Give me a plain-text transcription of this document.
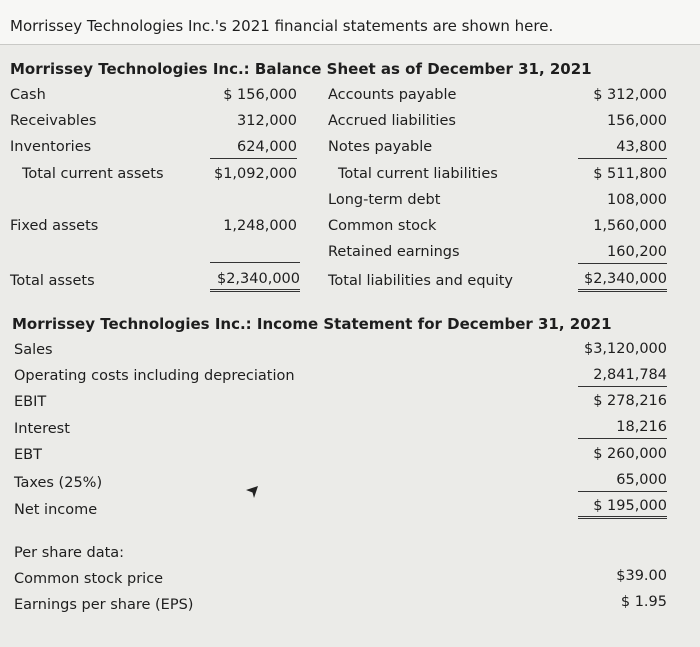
Morrissey Technologies Inc.'s 2021 financial statements are shown here.
Morrissey Technologies Inc.: Balance Sheet as of December 31, 2021
Cash	$ 156,000
Receivables	312,000
Inventories	624,000
Total current assets	$1,092,000
Fixed assets	1,248,000
Total assets	$2,340,000
Accounts payable	$ 312,000
Accrued liabilities	156,000
Notes payable	43,800
Total current liabilities	$ 511,800
Long-term debt	108,000
Common stock	1,560,000
Retained earnings	160,200
Total liabilities and equity	$2,340,000
Morrissey Technologies Inc.: Income Statement for December 31, 2021
Sales	$3,120,000
Operating costs including depreciation	2,841,784
EBIT	$ 278,216
Interest	18,216
EBT	$ 260,000
Taxes (25%)	65,000
Net income	$ 195,000
Per share data:
Common stock price	$39.00
Earnings per share (EPS)	$ 1.95
